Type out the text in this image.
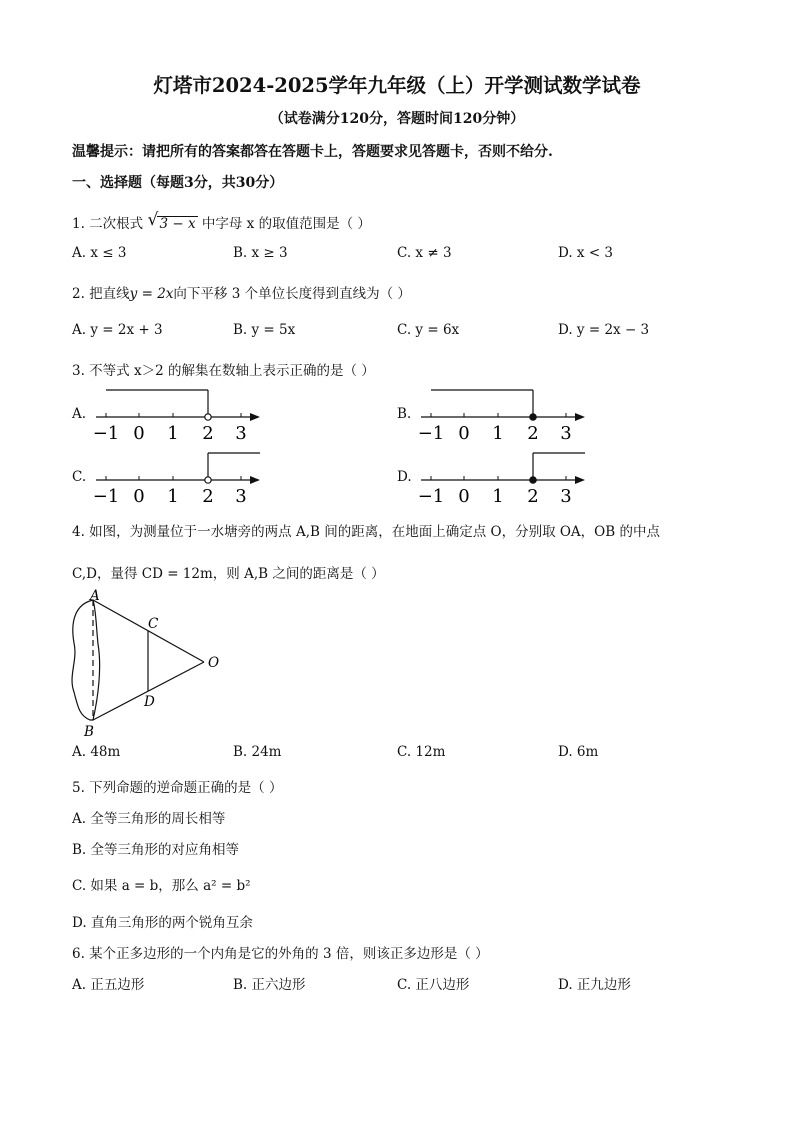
灯塔市2024-2025学年九年级（上）开学测试数学试卷
（试卷满分120分，答题时间120分钟）
温馨提示：请把所有的答案都答在答题卡上，答题要求见答题卡，否则不给分.
一、选择题（每题3分，共30分）
1. 二次根式 √ 3 − x 中字母 x 的取值范围是（ ）
A. x ≤ 3	B. x ≥ 3	C. x ≠ 3	D. x < 3
2. 把直线y = 2x向下平移 3 个单位长度得到直线为（ ）
A. y = 2x + 3	B. y = 5x	C. y = 6x	D. y = 2x − 3
3. 不等式 x＞2 的解集在数轴上表示正确的是（ ）
A.
−1 0 1 2 3
B.
−1 0 1 2 3
C.
−1 0 1 2 3
D.
−1 0 1 2 3
4. 如图，为测量位于一水塘旁的两点 A,B 间的距离，在地面上确定点 O，分别取 OA，OB 的中点
C,D，量得 CD = 12m，则 A,B 之间的距离是（ ）
A
B
C
D
O
A. 48m	B. 24m	C. 12m	D. 6m
5. 下列命题的逆命题正确的是（ ）
A. 全等三角形的周长相等
B. 全等三角形的对应角相等
C. 如果 a = b，那么 a² = b²
D. 直角三角形的两个锐角互余
6. 某个正多边形的一个内角是它的外角的 3 倍，则该正多边形是（ ）
A. 正五边形	B. 正六边形	C. 正八边形	D. 正九边形
